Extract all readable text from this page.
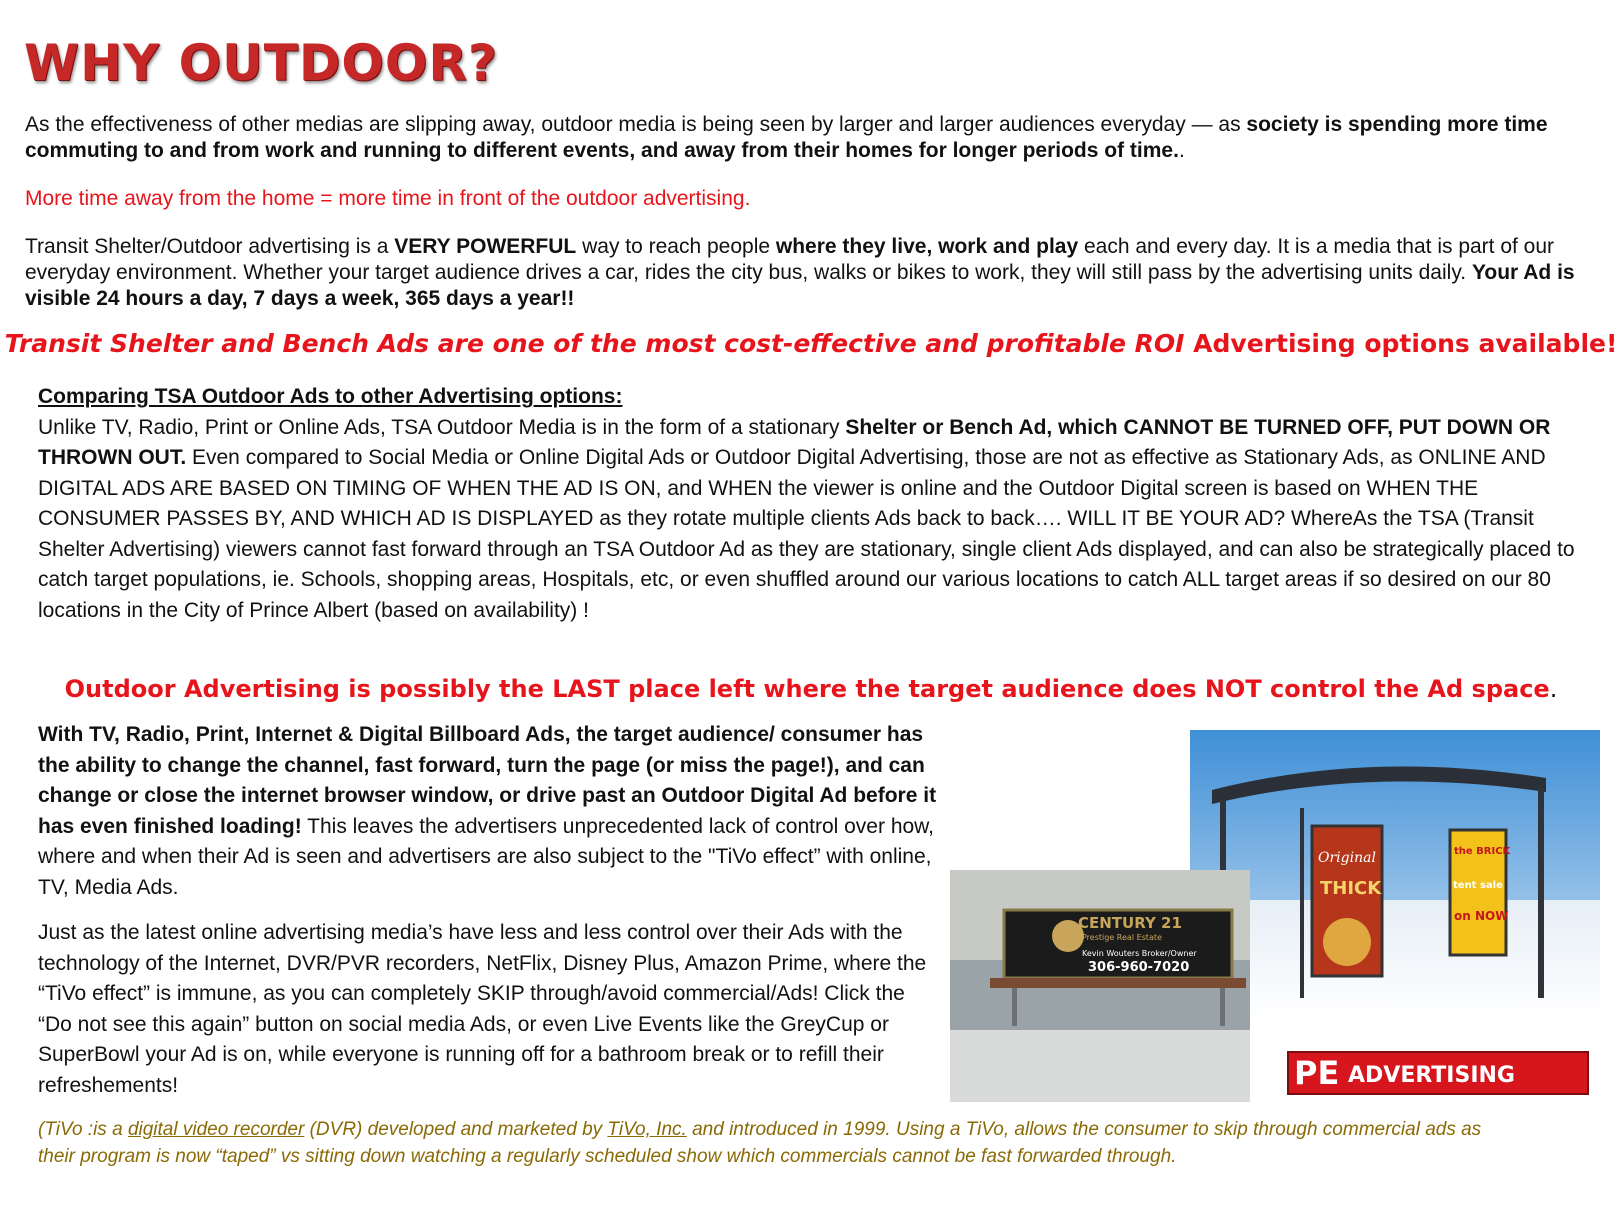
WHY OUTDOOR?

As the effectiveness of other medias are slipping away, outdoor media is being seen by larger and larger audiences everyday — as society is spending more time commuting to and from work and running to different events, and away from their homes for longer periods of time..

More time away from the home = more time in front of the outdoor advertising.

Transit Shelter/Outdoor advertising is a VERY POWERFUL way to reach people where they live, work and play each and every day. It is a media that is part of our everyday environment. Whether your target audience drives a car, rides the city bus, walks or bikes to work, they will still pass by the advertising units daily. Your Ad is visible 24 hours a day, 7 days a week, 365 days a year!!

Transit Shelter and Bench Ads are one of the most cost-effective and profitable ROI Advertising options available!

Comparing TSA Outdoor Ads to other Advertising options:
Unlike TV, Radio, Print or Online Ads, TSA Outdoor Media is in the form of a stationary Shelter or Bench Ad, which CANNOT BE TURNED OFF, PUT DOWN OR THROWN OUT. Even compared to Social Media or Online Digital Ads or Outdoor Digital Advertising, those are not as effective as Stationary Ads, as ONLINE AND DIGITAL ADS ARE BASED ON TIMING OF WHEN THE AD IS ON, and WHEN the viewer is online and the Outdoor Digital screen is based on WHEN THE CONSUMER PASSES BY, AND WHICH AD IS DISPLAYED as they rotate multiple clients Ads back to back…. WILL IT BE YOUR AD? WhereAs the TSA (Transit Shelter Advertising) viewers cannot fast forward through an TSA Outdoor Ad as they are stationary, single client Ads displayed, and can also be strategically placed to catch target populations, ie. Schools, shopping areas, Hospitals, etc, or even shuffled around our various locations to catch ALL target areas if so desired on our 80 locations in the City of Prince Albert (based on availability) !

Outdoor Advertising is possibly the LAST place left where the target audience does NOT control the Ad space.

With TV, Radio, Print, Internet & Digital Billboard Ads, the target audience/ consumer has the ability to change the channel, fast forward, turn the page (or miss the page!), and can change or close the internet browser window, or drive past an Outdoor Digital Ad before it has even finished loading! This leaves the advertisers unprecedented lack of control over how, where and when their Ad is seen and advertisers are also subject to the "TiVo effect” with online, TV, Media Ads.
Just as the latest online advertising media’s have less and less control over their Ads with the technology of the Internet, DVR/PVR recorders, NetFlix, Disney Plus, Amazon Prime, where the “TiVo effect” is immune, as you can completely SKIP through/avoid commercial/Ads! Click the “Do not see this again” button on social media Ads, or even Live Events like the GreyCup or SuperBowl your Ad is on, while everyone is running off for a bathroom break or to refill their refreshements!

(TiVo :is a digital video recorder (DVR) developed and marketed by TiVo, Inc. and introduced in 1999. Using a TiVo, allows the consumer to skip through commercial ads as their program is now “taped” vs sitting down watching a regularly scheduled show which commercials cannot be fast forwarded through.

Original
THICK
the BRICK
tent sale
on NOW
CENTURY 21
Prestige Real Estate
Kevin Wouters Broker/Owner
306-960-7020
PE ADVERTISING
